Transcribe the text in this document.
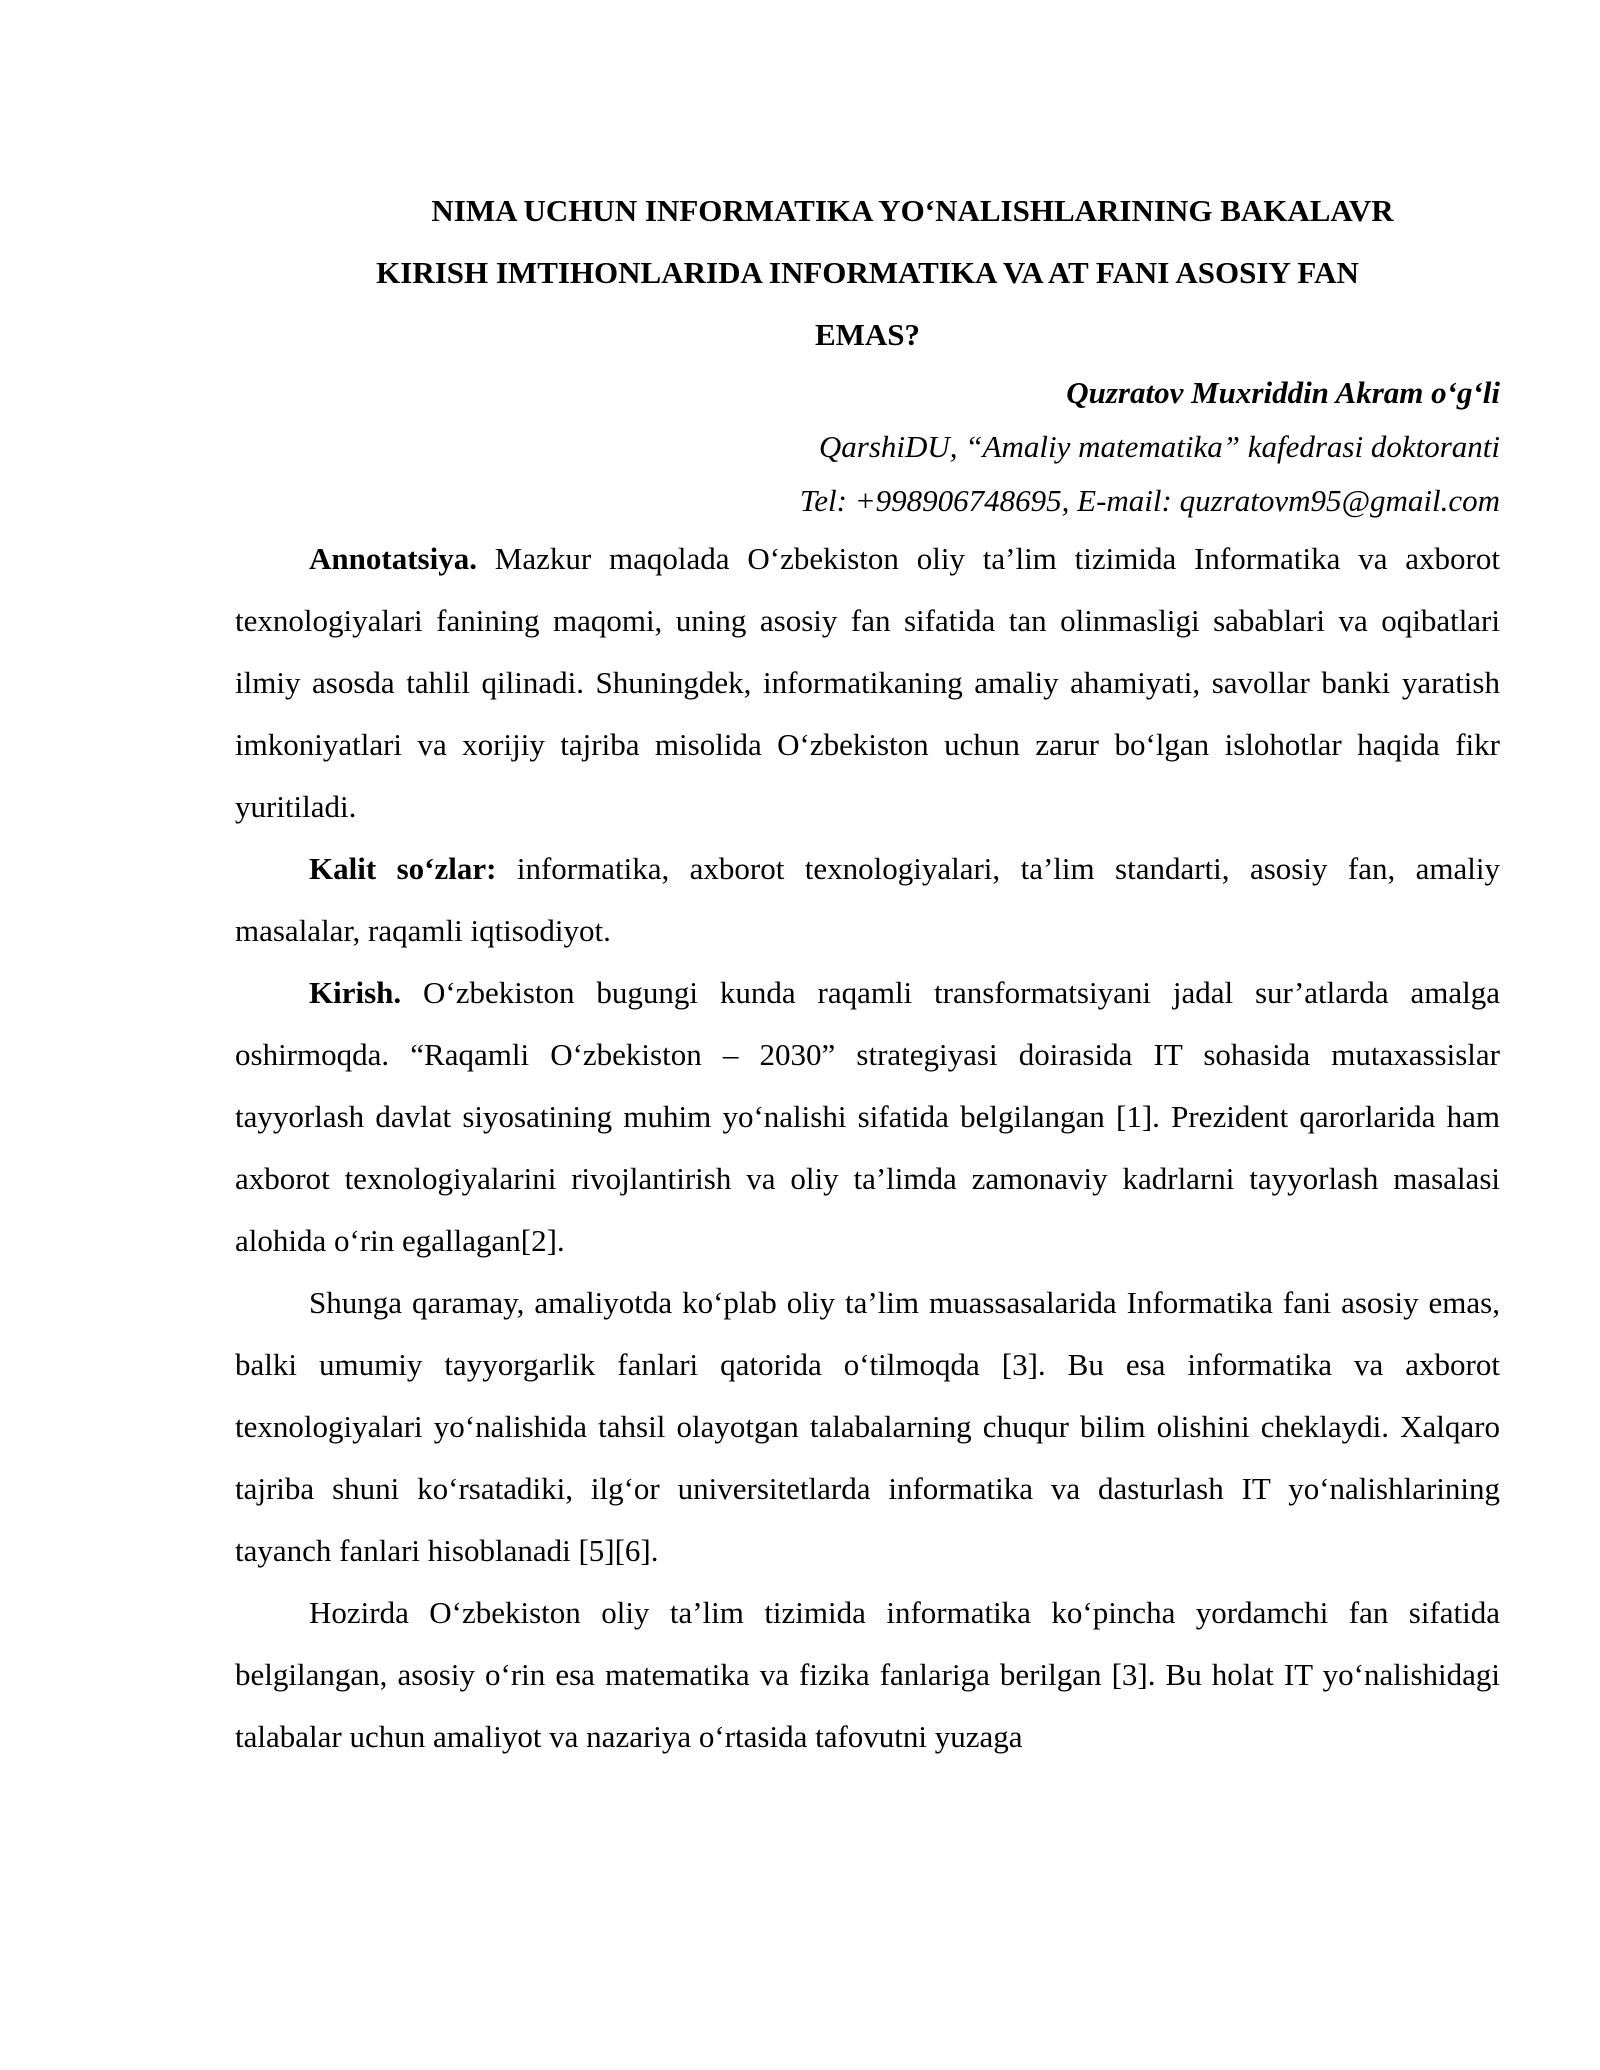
NIMA UCHUN INFORMATIKA YO‘NALISHLARINING BAKALAVR
KIRISH IMTIHONLARIDA INFORMATIKA VA AT FANI ASOSIY FAN
EMAS?
Quzratov Muxriddin Akram o‘g‘li
QarshiDU, “Amaliy matematika” kafedrasi doktoranti
Tel: +998906748695, E-mail: quzratovm95@gmail.com

Annotatsiya. Mazkur maqolada O‘zbekiston oliy ta’lim tizimida Informatika va axborot texnologiyalari fanining maqomi, uning asosiy fan sifatida tan olinmasligi sabablari va oqibatlari ilmiy asosda tahlil qilinadi. Shuningdek, informatikaning amaliy ahamiyati, savollar banki yaratish imkoniyatlari va xorijiy tajriba misolida O‘zbekiston uchun zarur bo‘lgan islohotlar haqida fikr yuritiladi.

Kalit so‘zlar: informatika, axborot texnologiyalari, ta’lim standarti, asosiy fan, amaliy masalalar, raqamli iqtisodiyot.

Kirish. O‘zbekiston bugungi kunda raqamli transformatsiyani jadal sur’atlarda amalga oshirmoqda. “Raqamli O‘zbekiston – 2030” strategiyasi doirasida IT sohasida mutaxassislar tayyorlash davlat siyosatining muhim yo‘nalishi sifatida belgilangan [1]. Prezident qarorlarida ham axborot texnologiyalarini rivojlantirish va oliy ta’limda zamonaviy kadrlarni tayyorlash masalasi alohida o‘rin egallagan[2].

Shunga qaramay, amaliyotda ko‘plab oliy ta’lim muassasalarida Informatika fani asosiy emas, balki umumiy tayyorgarlik fanlari qatorida o‘tilmoqda [3]. Bu esa informatika va axborot texnologiyalari yo‘nalishida tahsil olayotgan talabalarning chuqur bilim olishini cheklaydi. Xalqaro tajriba shuni ko‘rsatadiki, ilg‘or universitetlarda informatika va dasturlash IT yo‘nalishlarining tayanch fanlari hisoblanadi [5][6].

Hozirda O‘zbekiston oliy ta’lim tizimida informatika ko‘pincha yordamchi fan sifatida belgilangan, asosiy o‘rin esa matematika va fizika fanlariga berilgan [3]. Bu holat IT yo‘nalishidagi talabalar uchun amaliyot va nazariya o‘rtasida tafovutni yuzaga
